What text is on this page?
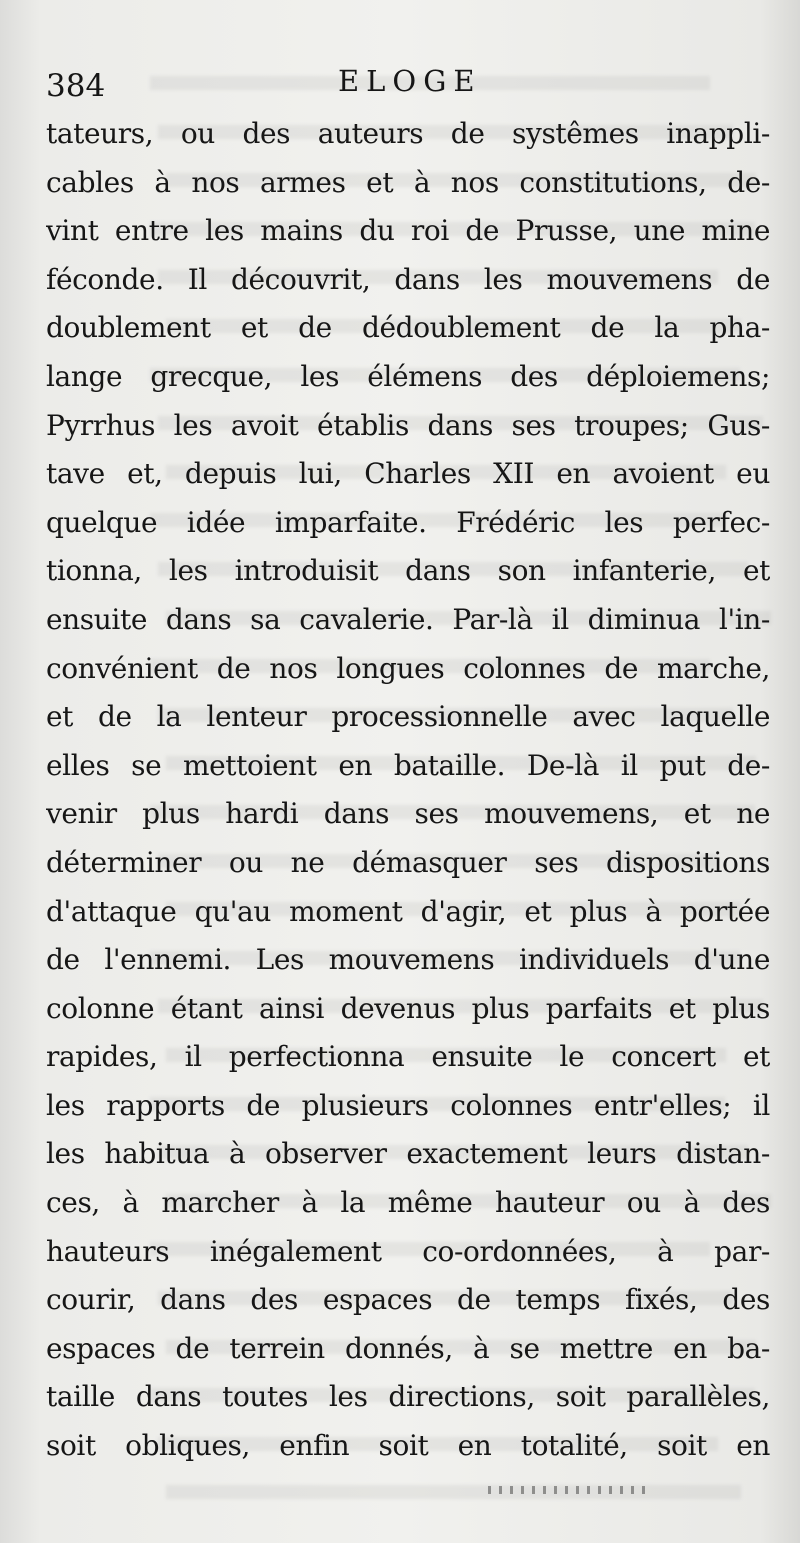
384	ELOGE
tateurs, ou des auteurs de systêmes inappli-
cables à nos armes et à nos constitutions, de-
vint entre les mains du roi de Prusse, une mine
féconde. Il découvrit, dans les mouvemens de
doublement et de dédoublement de la pha-
lange grecque, les élémens des déploiemens;
Pyrrhus les avoit établis dans ses troupes; Gus-
tave et, depuis lui, Charles XII en avoient eu
quelque idée imparfaite. Frédéric les perfec-
tionna, les introduisit dans son infanterie, et
ensuite dans sa cavalerie. Par-là il diminua l'in-
convénient de nos longues colonnes de marche,
et de la lenteur processionnelle avec laquelle
elles se mettoient en bataille. De-là il put de-
venir plus hardi dans ses mouvemens, et ne
déterminer ou ne démasquer ses dispositions
d'attaque qu'au moment d'agir, et plus à portée
de l'ennemi. Les mouvemens individuels d'une
colonne étant ainsi devenus plus parfaits et plus
rapides, il perfectionna ensuite le concert et
les rapports de plusieurs colonnes entr'elles; il
les habitua à observer exactement leurs distan-
ces, à marcher à la même hauteur ou à des
hauteurs inégalement co-ordonnées, à par-
courir, dans des espaces de temps fixés, des
espaces de terrein donnés, à se mettre en ba-
taille dans toutes les directions, soit parallèles,
soit obliques, enfin soit en totalité, soit en
